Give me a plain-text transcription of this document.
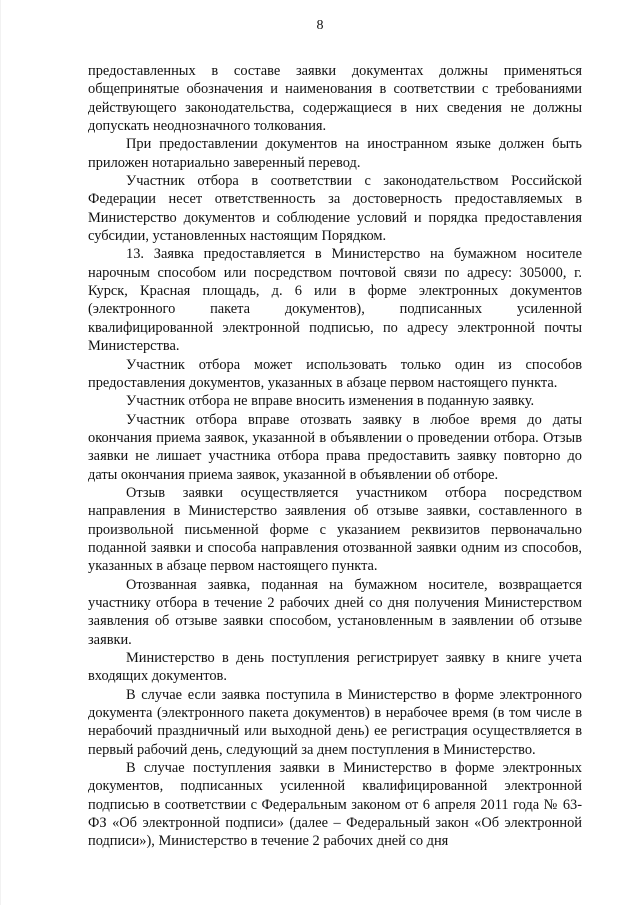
8

предоставленных в составе заявки документах должны применяться общепринятые обозначения и наименования в соответствии с требованиями действующего законодательства, содержащиеся в них сведения не должны допускать неоднозначного толкования.

При предоставлении документов на иностранном языке должен быть приложен нотариально заверенный перевод.

Участник отбора в соответствии с законодательством Российской Федерации несет ответственность за достоверность предоставляемых в Министерство документов и соблюдение условий и порядка предоставления субсидии, установленных настоящим Порядком.

13. Заявка предоставляется в Министерство на бумажном носителе нарочным способом или посредством почтовой связи по адресу: 305000, г. Курск, Красная площадь, д. 6 или в форме электронных документов (электронного пакета документов), подписанных усиленной квалифицированной электронной подписью, по адресу электронной почты Министерства.

Участник отбора может использовать только один из способов предоставления документов, указанных в абзаце первом настоящего пункта.

Участник отбора не вправе вносить изменения в поданную заявку.

Участник отбора вправе отозвать заявку в любое время до даты окончания приема заявок, указанной в объявлении о проведении отбора. Отзыв заявки не лишает участника отбора права предоставить заявку повторно до даты окончания приема заявок, указанной в объявлении об отборе.

Отзыв заявки осуществляется участником отбора посредством направления в Министерство заявления об отзыве заявки, составленного в произвольной письменной форме с указанием реквизитов первоначально поданной заявки и способа направления отозванной заявки одним из способов, указанных в абзаце первом настоящего пункта.

Отозванная заявка, поданная на бумажном носителе, возвращается участнику отбора в течение 2 рабочих дней со дня получения Министерством заявления об отзыве заявки способом, установленным в заявлении об отзыве заявки.

Министерство в день поступления регистрирует заявку в книге учета входящих документов.

В случае если заявка поступила в Министерство в форме электронного документа (электронного пакета документов) в нерабочее время (в том числе в нерабочий праздничный или выходной день) ее регистрация осуществляется в первый рабочий день, следующий за днем поступления в Министерство.

В случае поступления заявки в Министерство в форме электронных документов, подписанных усиленной квалифицированной электронной подписью в соответствии с Федеральным законом от 6 апреля 2011 года № 63-ФЗ «Об электронной подписи» (далее – Федеральный закон «Об электронной подписи»), Министерство в течение 2 рабочих дней со дня
